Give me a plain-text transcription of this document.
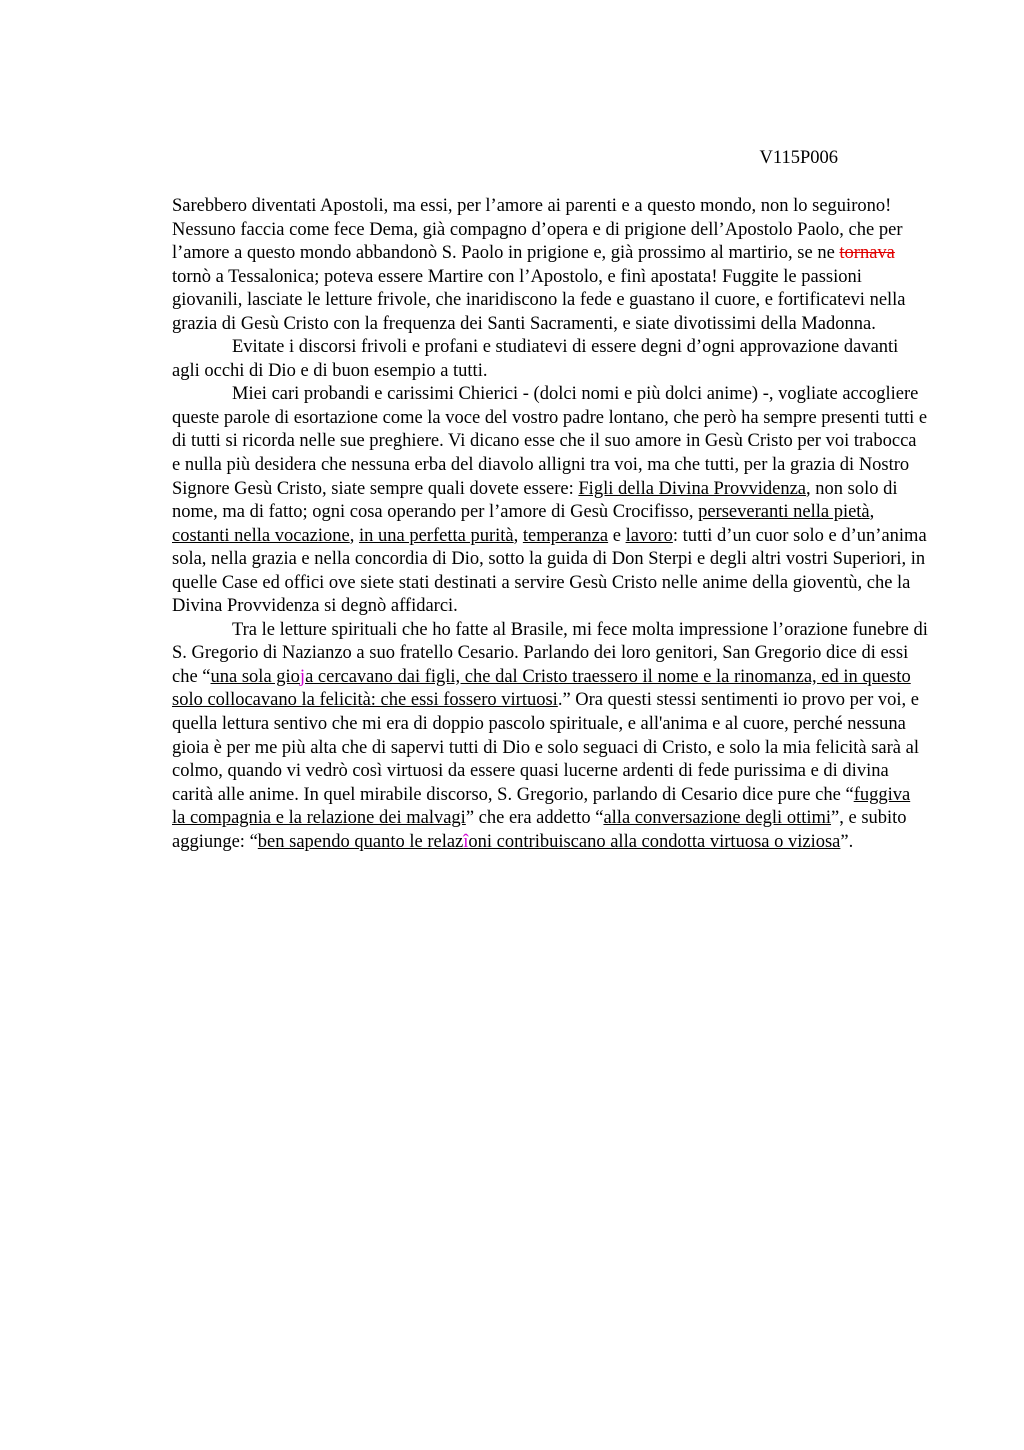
V115P006

Sarebbero diventati Apostoli, ma essi, per l’amore ai parenti e a questo mondo, non lo seguirono! Nessuno faccia come fece Dema, già compagno d’opera e di prigione dell’Apostolo Paolo, che per l’amore a questo mondo abbandonò S. Paolo in prigione e, già prossimo al martirio, se ne tornava tornò a Tessalonica; poteva essere Martire con l’Apostolo, e finì apostata! Fuggite le passioni giovanili, lasciate le letture frivole, che inaridiscono la fede e guastano il cuore, e fortificatevi nella grazia di Gesù Cristo con la frequenza dei Santi Sacramenti, e siate divotissimi della Madonna.

Evitate i discorsi frivoli e profani e studiatevi di essere degni d’ogni approvazione davanti agli occhi di Dio e di buon esempio a tutti.

Miei cari probandi e carissimi Chierici - (dolci nomi e più dolci anime) -, vogliate accogliere queste parole di esortazione come la voce del vostro padre lontano, che però ha sempre presenti tutti e di tutti si ricorda nelle sue preghiere. Vi dicano esse che il suo amore in Gesù Cristo per voi trabocca e nulla più desidera che nessuna erba del diavolo alligni tra voi, ma che tutti, per la grazia di Nostro Signore Gesù Cristo, siate sempre quali dovete essere: Figli della Divina Provvidenza, non solo di nome, ma di fatto; ogni cosa operando per l’amore di Gesù Crocifisso, perseveranti nella pietà, costanti nella vocazione, in una perfetta purità, temperanza e lavoro: tutti d’un cuor solo e d’un’anima sola, nella grazia e nella concordia di Dio, sotto la guida di Don Sterpi e degli altri vostri Superiori, in quelle Case ed offici ove siete stati destinati a servire Gesù Cristo nelle anime della gioventù, che la Divina Provvidenza si degnò affidarci.

Tra le letture spirituali che ho fatte al Brasile, mi fece molta impressione l’orazione funebre di S. Gregorio di Nazianzo a suo fratello Cesario. Parlando dei loro genitori, San Gregorio dice di essi che “una sola gioja cercavano dai figli, che dal Cristo traessero il nome e la rinomanza, ed in questo solo collocavano la felicità: che essi fossero virtuosi.” Ora questi stessi sentimenti io provo per voi, e quella lettura sentivo che mi era di doppio pascolo spirituale, e all'anima e al cuore, perché nessuna gioia è per me più alta che di sapervi tutti di Dio e solo seguaci di Cristo, e solo la mia felicità sarà al colmo, quando vi vedrò così virtuosi da essere quasi lucerne ardenti di fede purissima e di divina carità alle anime. In quel mirabile discorso, S. Gregorio, parlando di Cesario dice pure che “fuggiva la compagnia e la relazione dei malvagi” che era addetto “alla conversazione degli ottimi”, e subito aggiunge: “ben sapendo quanto le relazîoni contribuiscano alla condotta virtuosa o viziosa”.
